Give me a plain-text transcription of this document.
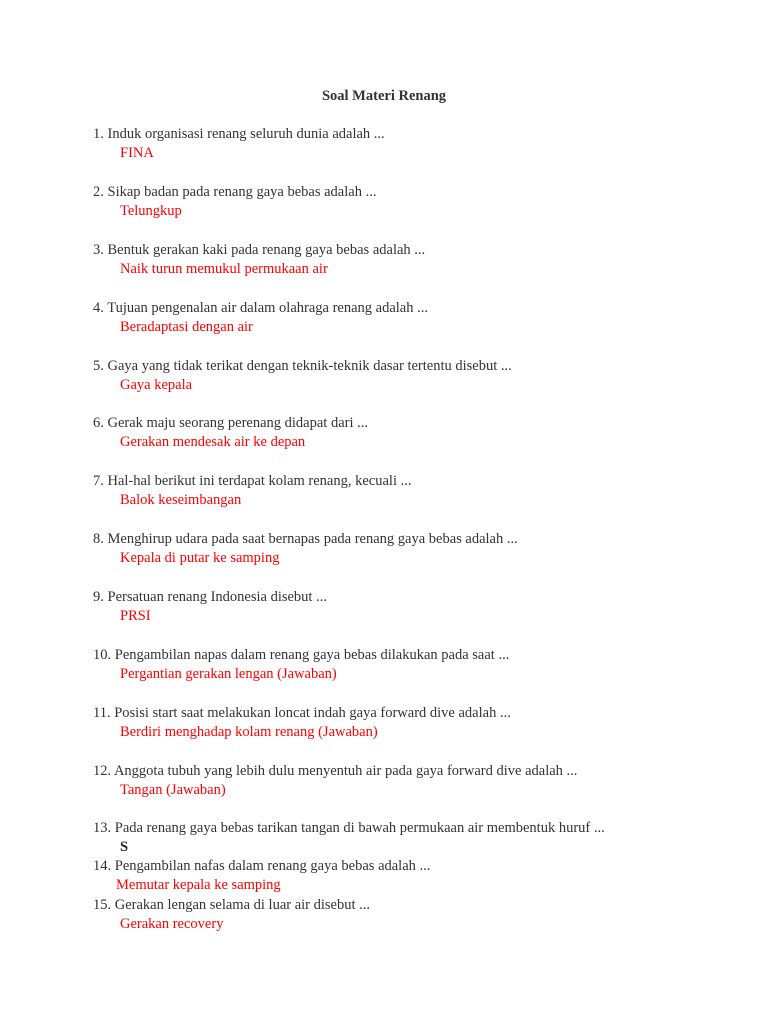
Soal Materi Renang
1. Induk organisasi renang seluruh dunia adalah ...
FINA
2. Sikap badan pada renang gaya bebas adalah ...
Telungkup
3. Bentuk gerakan kaki pada renang gaya bebas adalah ...
Naik turun memukul permukaan air
4. Tujuan pengenalan air dalam olahraga renang adalah ...
Beradaptasi dengan air
5. Gaya yang tidak terikat dengan teknik-teknik dasar tertentu disebut ...
Gaya kepala
6. Gerak maju seorang perenang didapat dari ...
Gerakan mendesak air ke depan
7. Hal-hal berikut ini terdapat kolam renang, kecuali ...
Balok keseimbangan
8. Menghirup udara pada saat bernapas pada renang gaya bebas adalah ...
Kepala di putar ke samping
9. Persatuan renang Indonesia disebut ...
PRSI
10. Pengambilan napas dalam renang gaya bebas dilakukan pada saat ...
Pergantian gerakan lengan (Jawaban)
11. Posisi start saat melakukan loncat indah gaya forward dive adalah ...
Berdiri menghadap kolam renang (Jawaban)
12. Anggota tubuh yang lebih dulu menyentuh air pada gaya forward dive adalah ...
Tangan (Jawaban)
13. Pada renang gaya bebas tarikan tangan di bawah permukaan air membentuk huruf ...
S
14. Pengambilan nafas dalam renang gaya bebas adalah ...
Memutar kepala ke samping
15. Gerakan lengan selama di luar air disebut ...
Gerakan recovery
